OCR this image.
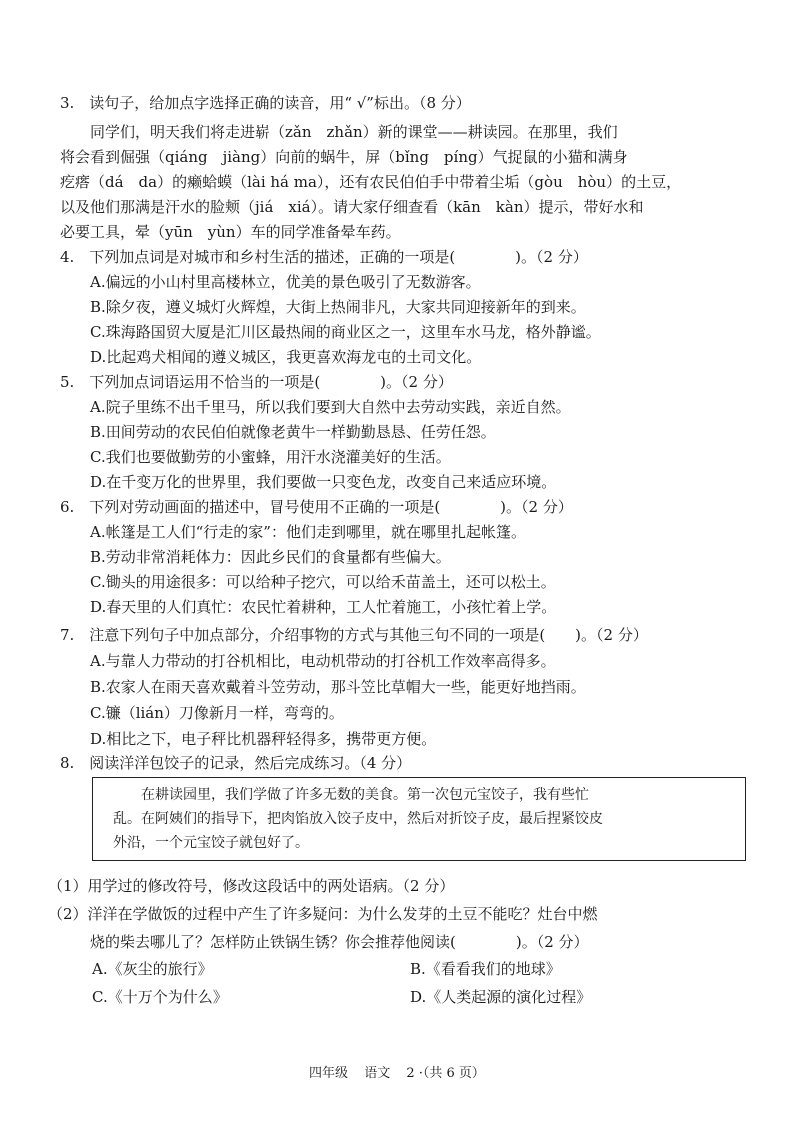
3.　读句子，给加点字选择正确的读音，用“ √”标出。（8 分）
同学们，明天我们将走进崭（zǎn　zhǎn）新的课堂——耕读园。在那里，我们
将会看到倔强（qiáng　jiàng）向前的蜗牛，屏（bǐng　píng）气捉鼠的小猫和满身
疙瘩（dá　da）的癞蛤蟆（lài há ma），还有农民伯伯手中带着尘垢（gòu　hòu）的土豆，
以及他们那满是汗水的脸颊（jiá　xiá）。请大家仔细查看（kān　kàn）提示，带好水和
必要工具，晕（yūn　yùn）车的同学准备晕车药。
4.　下列加点词是对城市和乡村生活的描述，正确的一项是(　　　　)。（2 分）
A.偏远的小山村里高楼林立，优美的景色吸引了无数游客。
B.除夕夜，遵义城灯火辉煌，大街上热闹非凡，大家共同迎接新年的到来。
C.珠海路国贸大厦是汇川区最热闹的商业区之一，这里车水马龙，格外静谧。
D.比起鸡犬相闻的遵义城区，我更喜欢海龙屯的土司文化。
5.　下列加点词语运用不恰当的一项是(　　　　)。（2 分）
A.院子里练不出千里马，所以我们要到大自然中去劳动实践，亲近自然。
B.田间劳动的农民伯伯就像老黄牛一样勤勤恳恳、任劳任怨。
C.我们也要做勤劳的小蜜蜂，用汗水浇灌美好的生活。
D.在千变万化的世界里，我们要做一只变色龙，改变自己来适应环境。
6.　下列对劳动画面的描述中，冒号使用不正确的一项是(　　　　)。（2 分）
A.帐篷是工人们“行走的家”：他们走到哪里，就在哪里扎起帐篷。
B.劳动非常消耗体力：因此乡民们的食量都有些偏大。
C.锄头的用途很多：可以给种子挖穴，可以给禾苗盖土，还可以松土。
D.春天里的人们真忙：农民忙着耕种，工人忙着施工，小孩忙着上学。
7.　注意下列句子中加点部分，介绍事物的方式与其他三句不同的一项是(　　)。（2 分）
A.与靠人力带动的打谷机相比，电动机带动的打谷机工作效率高得多。
B.农家人在雨天喜欢戴着斗笠劳动，那斗笠比草帽大一些，能更好地挡雨。
C.镰（lián）刀像新月一样，弯弯的。
D.相比之下，电子秤比机器秤轻得多，携带更方便。
8.　阅读洋洋包饺子的记录，然后完成练习。（4 分）
　　在耕读园里，我们学做了许多无数的美食。第一次包元宝饺子，我有些忙
乱。在阿姨们的指导下，把肉馅放入饺子皮中，然后对折饺子皮，最后捏紧饺皮
外沿，一个元宝饺子就包好了。
（1）用学过的修改符号，修改这段话中的两处语病。（2 分）
（2）洋洋在学做饭的过程中产生了许多疑问：为什么发芽的土豆不能吃？灶台中燃
烧的柴去哪儿了？怎样防止铁锅生锈？你会推荐他阅读(　　　　)。（2 分）
A.《灰尘的旅行》	B.《看看我们的地球》
C.《十万个为什么》	D.《人类起源的演化过程》
四年级 语文 2 ·（共 6 页）
